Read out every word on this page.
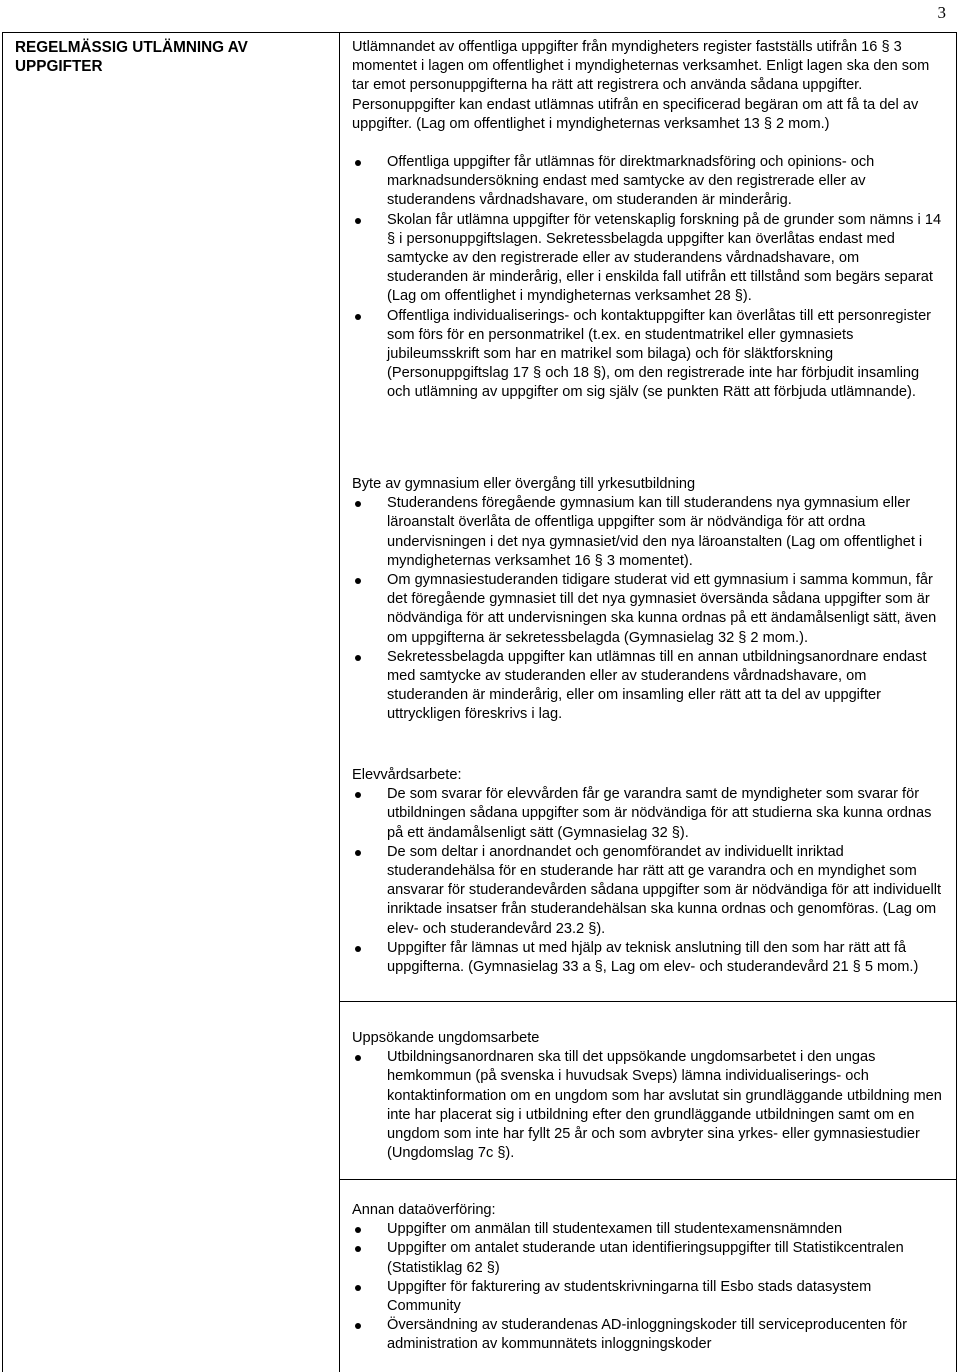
3
REGELMÄSSIG UTLÄMNING AV UPPGIFTER

Utlämnandet av offentliga uppgifter från myndigheters register fastställs utifrån 16 § 3 momentet i lagen om offentlighet i myndigheternas verksamhet. Enligt lagen ska den som tar emot personuppgifterna ha rätt att registrera och använda sådana uppgifter. Personuppgifter kan endast utlämnas utifrån en specificerad begäran om att få ta del av uppgifter. (Lag om offentlighet i myndigheternas verksamhet 13 § 2 mom.)

Offentliga uppgifter får utlämnas för direktmarknadsföring och opinions- och marknadsundersökning endast med samtycke av den registrerade eller av studerandens vårdnadshavare, om studeranden är minderårig.
Skolan får utlämna uppgifter för vetenskaplig forskning på de grunder som nämns i 14 § i personuppgiftslagen. Sekretessbelagda uppgifter kan överlåtas endast med samtycke av den registrerade eller av studerandens vårdnadshavare, om studeranden är minderårig, eller i enskilda fall utifrån ett tillstånd som begärs separat (Lag om offentlighet i myndigheternas verksamhet 28 §).
Offentliga individualiserings- och kontaktuppgifter kan överlåtas till ett personregister som förs för en personmatrikel (t.ex. en studentmatrikel eller gymnasiets jubileumsskrift som har en matrikel som bilaga) och för släktforskning (Personuppgiftslag 17 § och 18 §), om den registrerade inte har förbjudit insamling och utlämning av uppgifter om sig själv (se punkten Rätt att förbjuda utlämnande).

Byte av gymnasium eller övergång till yrkesutbildning

Studerandens föregående gymnasium kan till studerandens nya gymnasium eller läroanstalt överlåta de offentliga uppgifter som är nödvändiga för att ordna undervisningen i det nya gymnasiet/vid den nya läroanstalten (Lag om offentlighet i myndigheternas verksamhet 16 § 3 momentet).
Om gymnasiestuderanden tidigare studerat vid ett gymnasium i samma kommun, får det föregående gymnasiet till det nya gymnasiet översända sådana uppgifter som är nödvändiga för att undervisningen ska kunna ordnas på ett ändamålsenligt sätt, även om uppgifterna är sekretessbelagda (Gymnasielag 32 § 2 mom.).
Sekretessbelagda uppgifter kan utlämnas till en annan utbildningsanordnare endast med samtycke av studeranden eller av studerandens vårdnadshavare, om studeranden är minderårig, eller om insamling eller rätt att ta del av uppgifter uttryckligen föreskrivs i lag.

Elevvårdsarbete:

De som svarar för elevvården får ge varandra samt de myndigheter som svarar för utbildningen sådana uppgifter som är nödvändiga för att studierna ska kunna ordnas på ett ändamålsenligt sätt (Gymnasielag 32 §).
De som deltar i anordnandet och genomförandet av individuellt inriktad studerandehälsa för en studerande har rätt att ge varandra och en myndighet som ansvarar för studerandevården sådana uppgifter som är nödvändiga för att individuellt inriktade insatser från studerandehälsan ska kunna ordnas och genomföras. (Lag om elev- och studerandevård 23.2 §).
Uppgifter får lämnas ut med hjälp av teknisk anslutning till den som har rätt att få uppgifterna. (Gymnasielag 33 a §, Lag om elev- och studerandevård 21 § 5 mom.)

Uppsökande ungdomsarbete

Utbildningsanordnaren ska till det uppsökande ungdomsarbetet i den ungas hemkommun (på svenska i huvudsak Sveps) lämna individualiserings- och kontaktinformation om en ungdom som har avslutat sin grundläggande utbildning men inte har placerat sig i utbildning efter den grundläggande utbildningen samt om en ungdom som inte har fyllt 25 år och som avbryter sina yrkes- eller gymnasiestudier (Ungdomslag 7c §).

Annan dataöverföring:

Uppgifter om anmälan till studentexamen till studentexamensnämnden
Uppgifter om antalet studerande utan identifieringsuppgifter till Statistikcentralen (Statistiklag 62 §)
Uppgifter för fakturering av studentskrivningarna till Esbo stads datasystem Community
Översändning av studerandenas AD-inloggningskoder till serviceproducenten för administration av kommunnätets inloggningskoder
